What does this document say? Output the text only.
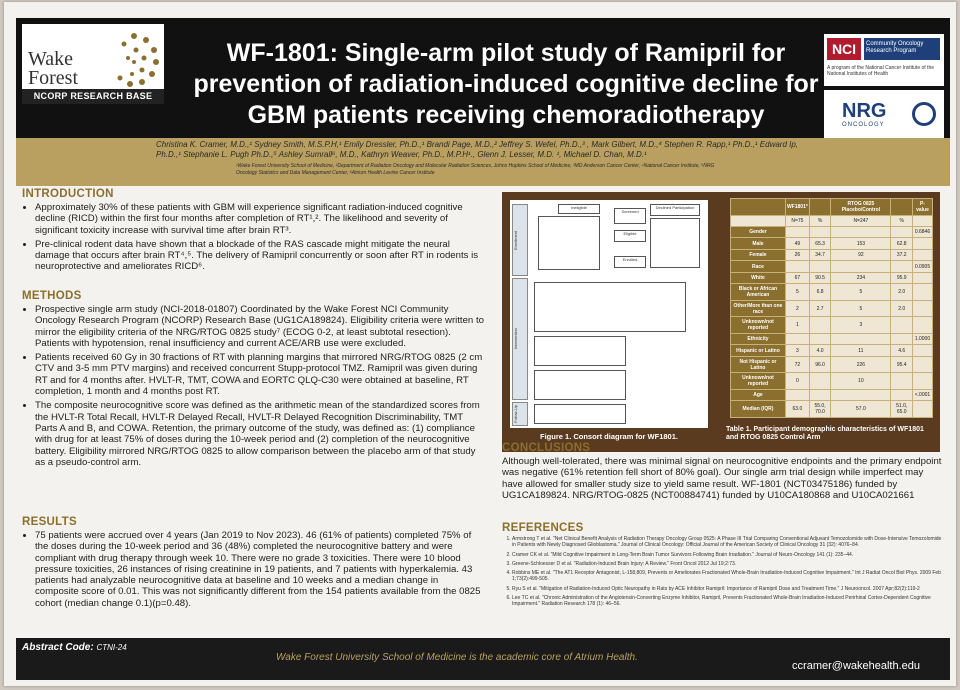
Wake
Forest
NCORP RESEARCH BASE
WF-1801: Single-arm pilot study of Ramipril for prevention of radiation-induced cognitive decline for GBM patients receiving chemoradiotherapy
NCI	Community Oncology Research Program
A program of the National Cancer Institute of the National Institutes of Health
NRG
ONCOLOGY
Christina K. Cramer, M.D.,¹ Sydney Smith, M.S.P.H,¹ Emily Dressler, Ph.D.,¹ Brandi Page, M.D.,² Jeffrey S. Wefel, Ph.D.,³ , Mark Gilbert, M.D.,⁴ Stephen R. Rapp,¹ Ph.D.,¹ Edward Ip, Ph.D.,¹ Stephanie L. Pugh Ph.D.,⁵ Ashley Sumrall⁶, M.D., Kathryn Weaver, Ph.D., M.P.H¹., Glenn J. Lesser, M.D. ¹, Michael D. Chan, M.D.¹
¹Wake Forest University School of Medicine, ²Department of Radiation Oncology and Molecular Radiation Sciences, Johns Hopkins School of Medicine, ³MD Anderson Cancer Center, ⁴National Cancer Institute, ⁵NRG Oncology Statistics and Data Management Center, ⁶Atrium Health Levine Cancer Institute
INTRODUCTION
• Approximately 30% of these patients with GBM will experience significant radiation-induced cognitive decline (RICD) within the first four months after completion of RT¹,². The likelihood and severity of significant toxicity increase with survival time after brain RT³.
• Pre-clinical rodent data have shown that a blockade of the RAS cascade might mitigate the neural damage that occurs after brain RT⁴,⁵. The delivery of Ramipril concurrently or soon after RT in rodents is neuroprotective and ameliorates RICD⁶.
METHODS
• Prospective single arm study (NCI-2018-01807) Coordinated by the Wake Forest NCI Community Oncology Research Program (NCORP) Research Base (UG1CA189824). Eligibility criteria were written to mirror the eligibility criteria of the NRG/RTOG 0825 study⁷ (ECOG 0-2, at least subtotal resection). Patients with hypotension, renal insufficiency and current ACE/ARB use were excluded.
• Patients received 60 Gy in 30 fractions of RT with planning margins that mirrored NRG/RTOG 0825 (2 cm CTV and 3-5 mm PTV margins) and received concurrent Stupp-protocol TMZ. Ramipril was given during RT and for 4 months after. HVLT-R, TMT, COWA and EORTC QLQ-C30 were obtained at baseline, RT completion, 1 month and 4 months post RT.
• The composite neurocognitive score was defined as the arithmetic mean of the standardized scores from the HVLT-R Total Recall, HVLT-R Delayed Recall, HVLT-R Delayed Recognition Discriminability, TMT Parts A and B, and COWA. Retention, the primary outcome of the study, was defined as: (1) compliance with drug for at least 75% of doses during the 10-week period and (2) completion of the neurocognitive battery. Eligibility mirrored NRG/RTOG 0825 to allow comparison between the placebo arm of that study as a pseudo-control arm.
RESULTS
• 75 patients were accrued over 4 years (Jan 2019 to Nov 2023). 46 (61% of patients) completed 75% of the doses during the 10-week period and 36 (48%) completed the neurocognitive battery and were compliant with drug therapy through week 10. There were no grade 3 toxicities. There were 10 blood pressure toxicities, 26 instances of rising creatinine in 19 patients, and 7 patients with hyperkalemia. 43 patients had analyzable neurocognitive data at baseline and 10 weeks and a median change in composite score of 0.01. This was not significantly different from the 154 patients available from the 0825 cohort (median change 0.1)(p=0.48).
Enrollment
Intervention
Follow-Up
Ineligible
Screened
Eligible
Enrolled
Declined Participation
Figure 1. Consort diagram for WF1801.
	WF1801*		RTOG 0825 Placebo/Control		P-value
	N=75	%	N=247	%	
Gender					0.6846
Male	49	65.3	153	62.8	
Female	26	34.7	92	37.2	
Race					0.0905
White	67	90.5	234	95.9	
Black or African American	5	6.8	5	2.0	
Other/More than one race	2	2.7	5	2.0	
Unknown/not reported	1		3		
Ethnicity					1.0000
Hispanic or Latino	3	4.0	11	4.6	
Not Hispanic or Latino	72	96.0	226	95.4	
Unknown/not reported	0		10		
Age					<.0001
Median (IQR)	63.0	55.0, 70.0	57.0	51.0, 65.0	
Table 1. Participant demographic characteristics of WF1801 and RTOG 0825 Control Arm
CONCLUSIONS

Although well-tolerated, there was minimal signal on neurocognitive endpoints and the primary endpoint was negative (61% retention fell short of 80% goal). Our single arm trial design while imperfect may have allowed for smaller study size to yield same result. WF-1801 (NCT03475186) funded by UG1CA189824. NRG/RTOG-0825 (NCT00884741) funded by U10CA180868 and U10CA021661

REFERENCES
1. Armstrong T et al. "Net Clinical Benefit Analysis of Radiation Therapy Oncology Group 0525: A Phase III Trial Comparing Conventional Adjuvant Temozolomide with Dose-Intensive Temozolomide in Patients with Newly Diagnosed Glioblastoma." Journal of Clinical Oncology: Official Journal of the American Society of Clinical Oncology 31 (32): 4076–84.
2. Cramer CK et al. "Mild Cognitive Impairment in Long-Term Brain Tumor Survivors Following Brain Irradiation." Journal of Neuro-Oncology 141 (1): 235–44.
3. Greene-Schloesser D et al. "Radiation-Induced Brain Injury: A Review." Front Oncol 2012 Jul 19;2:73.
4. Robbins ME et al. "The AT1 Receptor Antagonist, L-158,809, Prevents or Ameliorates Fractionated Whole-Brain Irradiation-Induced Cognitive Impairment." Int J Radiat Oncol Biol Phys. 2009 Feb 1;73(2):499-505.
5. Ryu S et al. "Mitigation of Radiation-Induced Optic Neuropathy in Rats by ACE Inhibitor Ramipril: Importance of Ramipril Dose and Treatment Time." J Neurooncol. 2007 Apr;82(2):119-2
6. Lee TC et al. "Chronic Administration of the Angiotensin-Converting Enzyme Inhibitor, Ramipril, Prevents Fractionated Whole-Brain Irradiation-Induced Perirhinal Cortex-Dependent Cognitive Impairment." Radiation Research 178 (1): 46–56.
Abstract Code: CTNI-24
Wake Forest University School of Medicine is the academic core of Atrium Health.
ccramer@wakehealth.edu
